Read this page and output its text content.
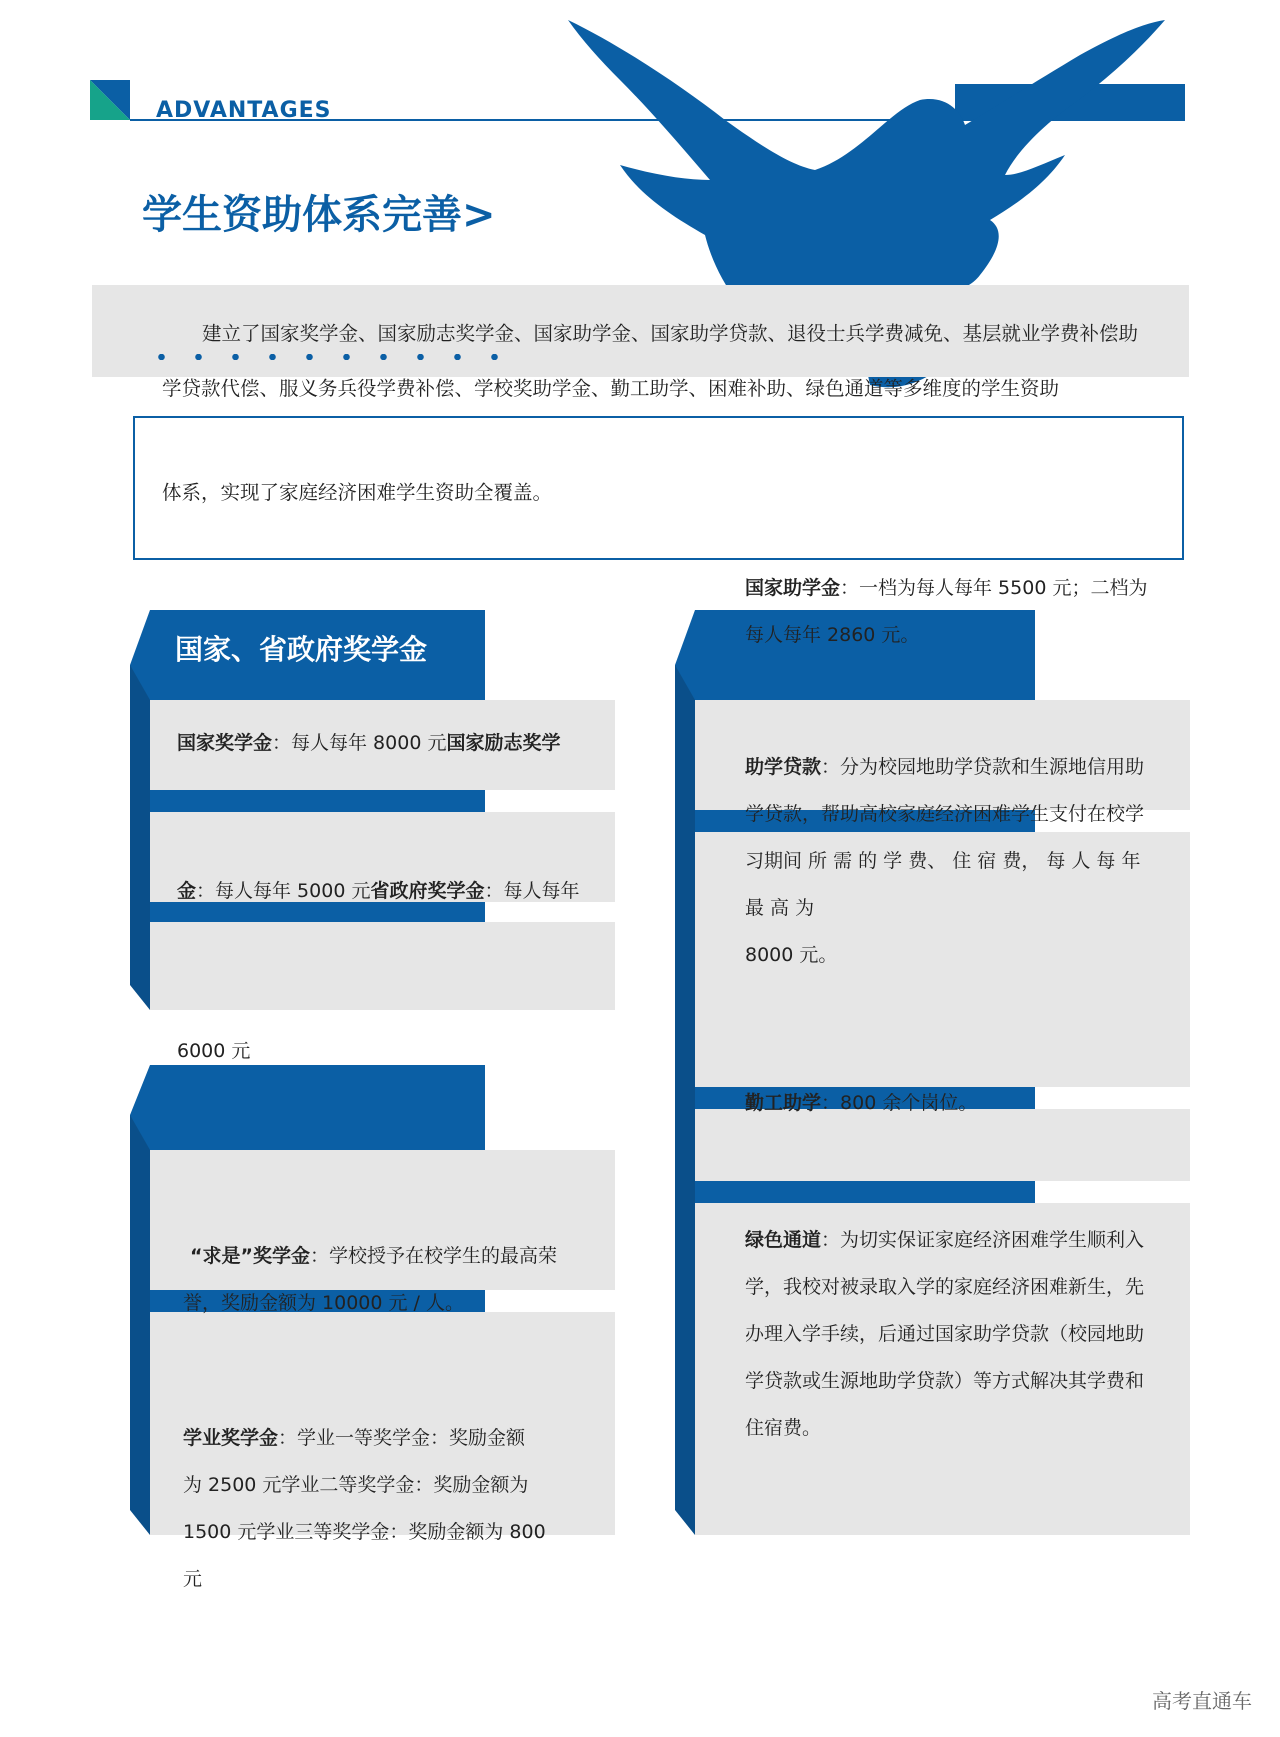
ADVANTAGES
学生资助体系完善>
建立了国家奖学金、国家励志奖学金、国家助学金、国家助学贷款、退役士兵学费减免、基层就业学费补偿助
学贷款代偿、服义务兵役学费补偿、学校奖助学金、勤工助学、困难补助、绿色通道等多维度的学生资助
体系，实现了家庭经济困难学生资助全覆盖。
国家、省政府奖学金
国家奖学金：每人每年 8000 元国家励志奖学
金：每人每年 5000 元省政府奖学金：每人每年
6000 元
“求是”奖学金：学校授予在校学生的最高荣
誉，奖励金额为 10000 元 / 人。
学业奖学金：学业一等奖学金：奖励金额
为 2500 元学业二等奖学金：奖励金额为
1500 元学业三等奖学金：奖励金额为 800
元
国家助学金：一档为每人每年 5500 元；二档为
每人每年 2860 元。
助学贷款：分为校园地助学贷款和生源地信用助
学贷款，帮助高校家庭经济困难学生支付在校学
习期间 所 需 的 学 费、 住 宿 费， 每 人 每 年
最 高 为
8000 元。
勤工助学：800 余个岗位。
绿色通道：为切实保证家庭经济困难学生顺利入
学，我校对被录取入学的家庭经济困难新生，先
办理入学手续，后通过国家助学贷款（校园地助
学贷款或生源地助学贷款）等方式解决其学费和
住宿费。
高考直通车
